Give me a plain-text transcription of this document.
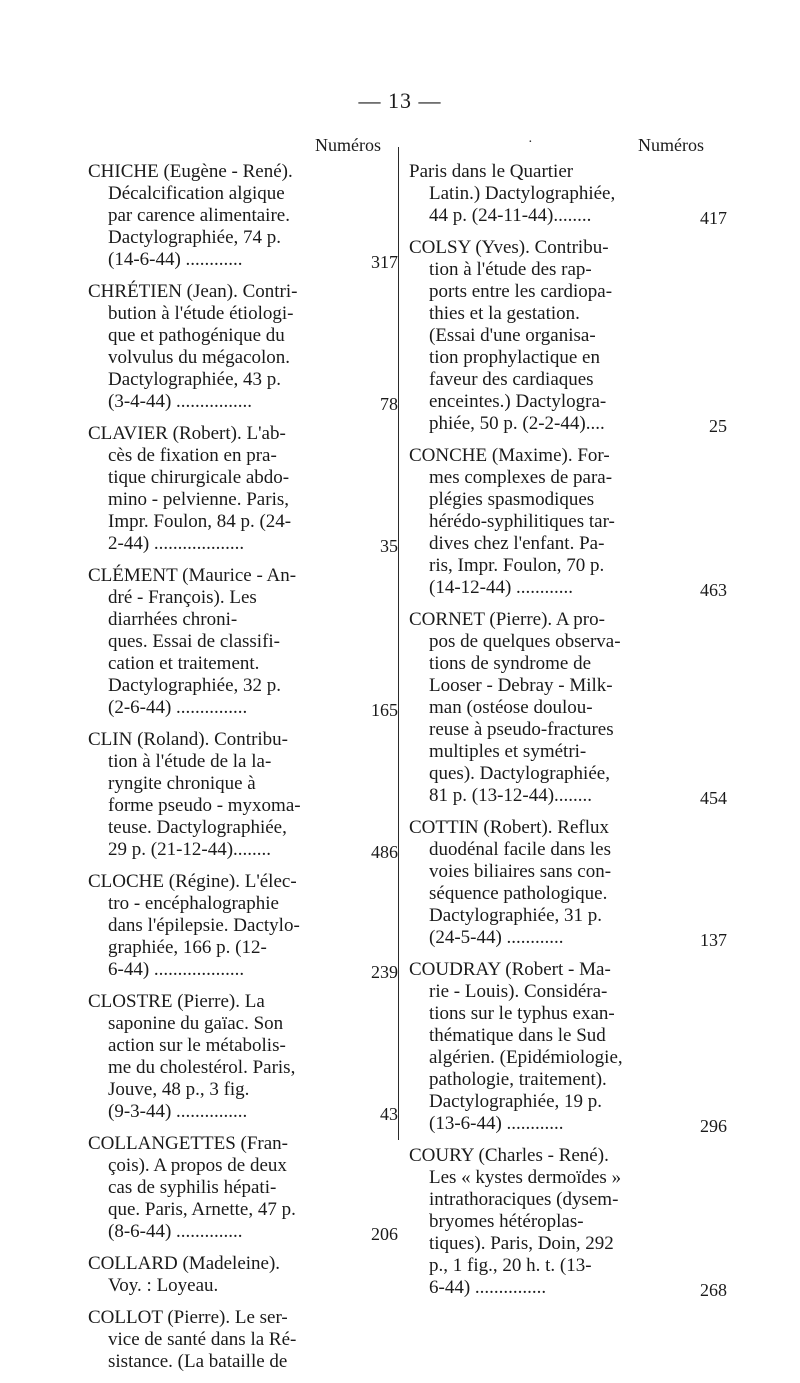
— 13 —
Numéros	·	Numéros
CHICHE (Eugène - René).
Décalcification algique
par carence alimentaire.
Dactylographiée, 74 p.
(14-6-44) ............	317
CHRÉTIEN (Jean). Contri-
bution à l'étude étiologi-
que et pathogénique du
volvulus du mégacolon.
Dactylographiée, 43 p.
(3-4-44) ................	78
CLAVIER (Robert). L'ab-
cès de fixation en pra-
tique chirurgicale abdo-
mino - pelvienne. Paris,
Impr. Foulon, 84 p. (24-
2-44) ...................	35
CLÉMENT (Maurice - An-
dré - François). Les
diarrhées chroni-
ques. Essai de classifi-
cation et traitement.
Dactylographiée, 32 p.
(2-6-44) ...............	165
CLIN (Roland). Contribu-
tion à l'étude de la la-
ryngite chronique à
forme pseudo - myxoma-
teuse. Dactylographiée,
29 p. (21-12-44)........	486
CLOCHE (Régine). L'élec-
tro - encéphalographie
dans l'épilepsie. Dactylo-
graphiée, 166 p. (12-
6-44) ...................	239
CLOSTRE (Pierre). La
saponine du gaïac. Son
action sur le métabolis-
me du cholestérol. Paris,
Jouve, 48 p., 3 fig.
(9-3-44) ...............	43
COLLANGETTES (Fran-
çois). A propos de deux
cas de syphilis hépati-
que. Paris, Arnette, 47 p.
(8-6-44) ..............	206
COLLARD (Madeleine).
Voy. : Loyeau.
COLLOT (Pierre). Le ser-
vice de santé dans la Ré-
sistance. (La bataille de
Paris dans le Quartier
Latin.) Dactylographiée,
44 p. (24-11-44)........	417
COLSY (Yves). Contribu-
tion à l'étude des rap-
ports entre les cardiopa-
thies et la gestation.
(Essai d'une organisa-
tion prophylactique en
faveur des cardiaques
enceintes.) Dactylogra-
phiée, 50 p. (2-2-44)....	25
CONCHE (Maxime). For-
mes complexes de para-
plégies spasmodiques
hérédo-syphilitiques tar-
dives chez l'enfant. Pa-
ris, Impr. Foulon, 70 p.
(14-12-44) ............	463
CORNET (Pierre). A pro-
pos de quelques observa-
tions de syndrome de
Looser - Debray - Milk-
man (ostéose doulou-
reuse à pseudo-fractures
multiples et symétri-
ques). Dactylographiée,
81 p. (13-12-44)........	454
COTTIN (Robert). Reflux
duodénal facile dans les
voies biliaires sans con-
séquence pathologique.
Dactylographiée, 31 p.
(24-5-44) ............	137
COUDRAY (Robert - Ma-
rie - Louis). Considéra-
tions sur le typhus exan-
thématique dans le Sud
algérien. (Epidémiologie,
pathologie, traitement).
Dactylographiée, 19 p.
(13-6-44) ............	296
COURY (Charles - René).
Les « kystes dermoïdes »
intrathoraciques (dysem-
bryomes hétéroplas-
tiques). Paris, Doin, 292
p., 1 fig., 20 h. t. (13-
6-44) ...............	268
